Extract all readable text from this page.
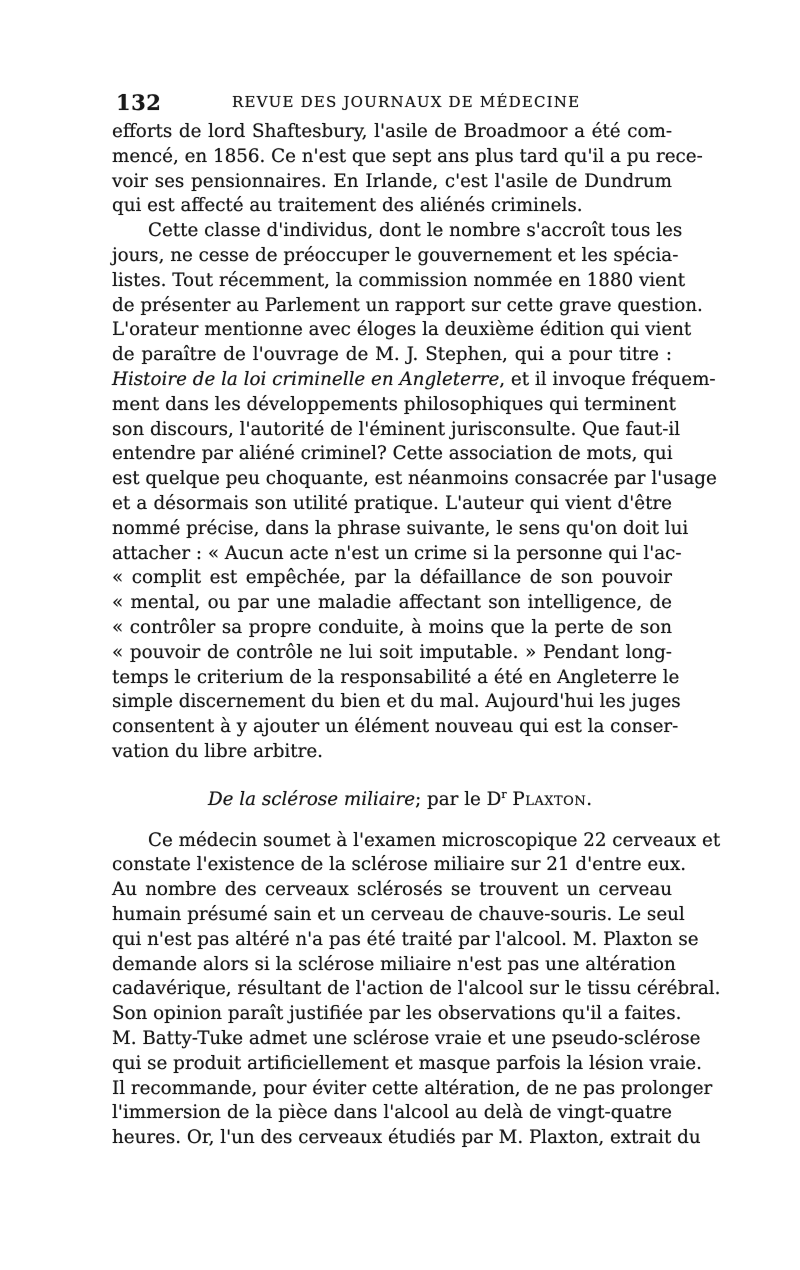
132	REVUE DES JOURNAUX DE MÉDECINE
efforts de lord Shaftesbury, l'asile de Broadmoor a été com-
mencé, en 1856. Ce n'est que sept ans plus tard qu'il a pu rece-
voir ses pensionnaires. En Irlande, c'est l'asile de Dundrum
qui est affecté au traitement des aliénés criminels.
Cette classe d'individus, dont le nombre s'accroît tous les
jours, ne cesse de préoccuper le gouvernement et les spécia-
listes. Tout récemment, la commission nommée en 1880 vient
de présenter au Parlement un rapport sur cette grave question.
L'orateur mentionne avec éloges la deuxième édition qui vient
de paraître de l'ouvrage de M. J. Stephen, qui a pour titre :
Histoire de la loi criminelle en Angleterre, et il invoque fréquem-
ment dans les développements philosophiques qui terminent
son discours, l'autorité de l'éminent jurisconsulte. Que faut-il
entendre par aliéné criminel? Cette association de mots, qui
est quelque peu choquante, est néanmoins consacrée par l'usage
et a désormais son utilité pratique. L'auteur qui vient d'être
nommé précise, dans la phrase suivante, le sens qu'on doit lui
attacher : « Aucun acte n'est un crime si la personne qui l'ac-
« complit est empêchée, par la défaillance de son pouvoir
« mental, ou par une maladie affectant son intelligence, de
« contrôler sa propre conduite, à moins que la perte de son
« pouvoir de contrôle ne lui soit imputable. » Pendant long-
temps le criterium de la responsabilité a été en Angleterre le
simple discernement du bien et du mal. Aujourd'hui les juges
consentent à y ajouter un élément nouveau qui est la conser-
vation du libre arbitre.
De la sclérose miliaire; par le $D^r$ Plaxton.
Ce médecin soumet à l'examen microscopique 22 cerveaux et
constate l'existence de la sclérose miliaire sur 21 d'entre eux.
Au nombre des cerveaux sclérosés se trouvent un cerveau
humain présumé sain et un cerveau de chauve-souris. Le seul
qui n'est pas altéré n'a pas été traité par l'alcool. M. Plaxton se
demande alors si la sclérose miliaire n'est pas une altération
cadavérique, résultant de l'action de l'alcool sur le tissu cérébral.
Son opinion paraît justifiée par les observations qu'il a faites.
M. Batty-Tuke admet une sclérose vraie et une pseudo-sclérose
qui se produit artificiellement et masque parfois la lésion vraie.
Il recommande, pour éviter cette altération, de ne pas prolonger
l'immersion de la pièce dans l'alcool au delà de vingt-quatre
heures. Or, l'un des cerveaux étudiés par M. Plaxton, extrait du
